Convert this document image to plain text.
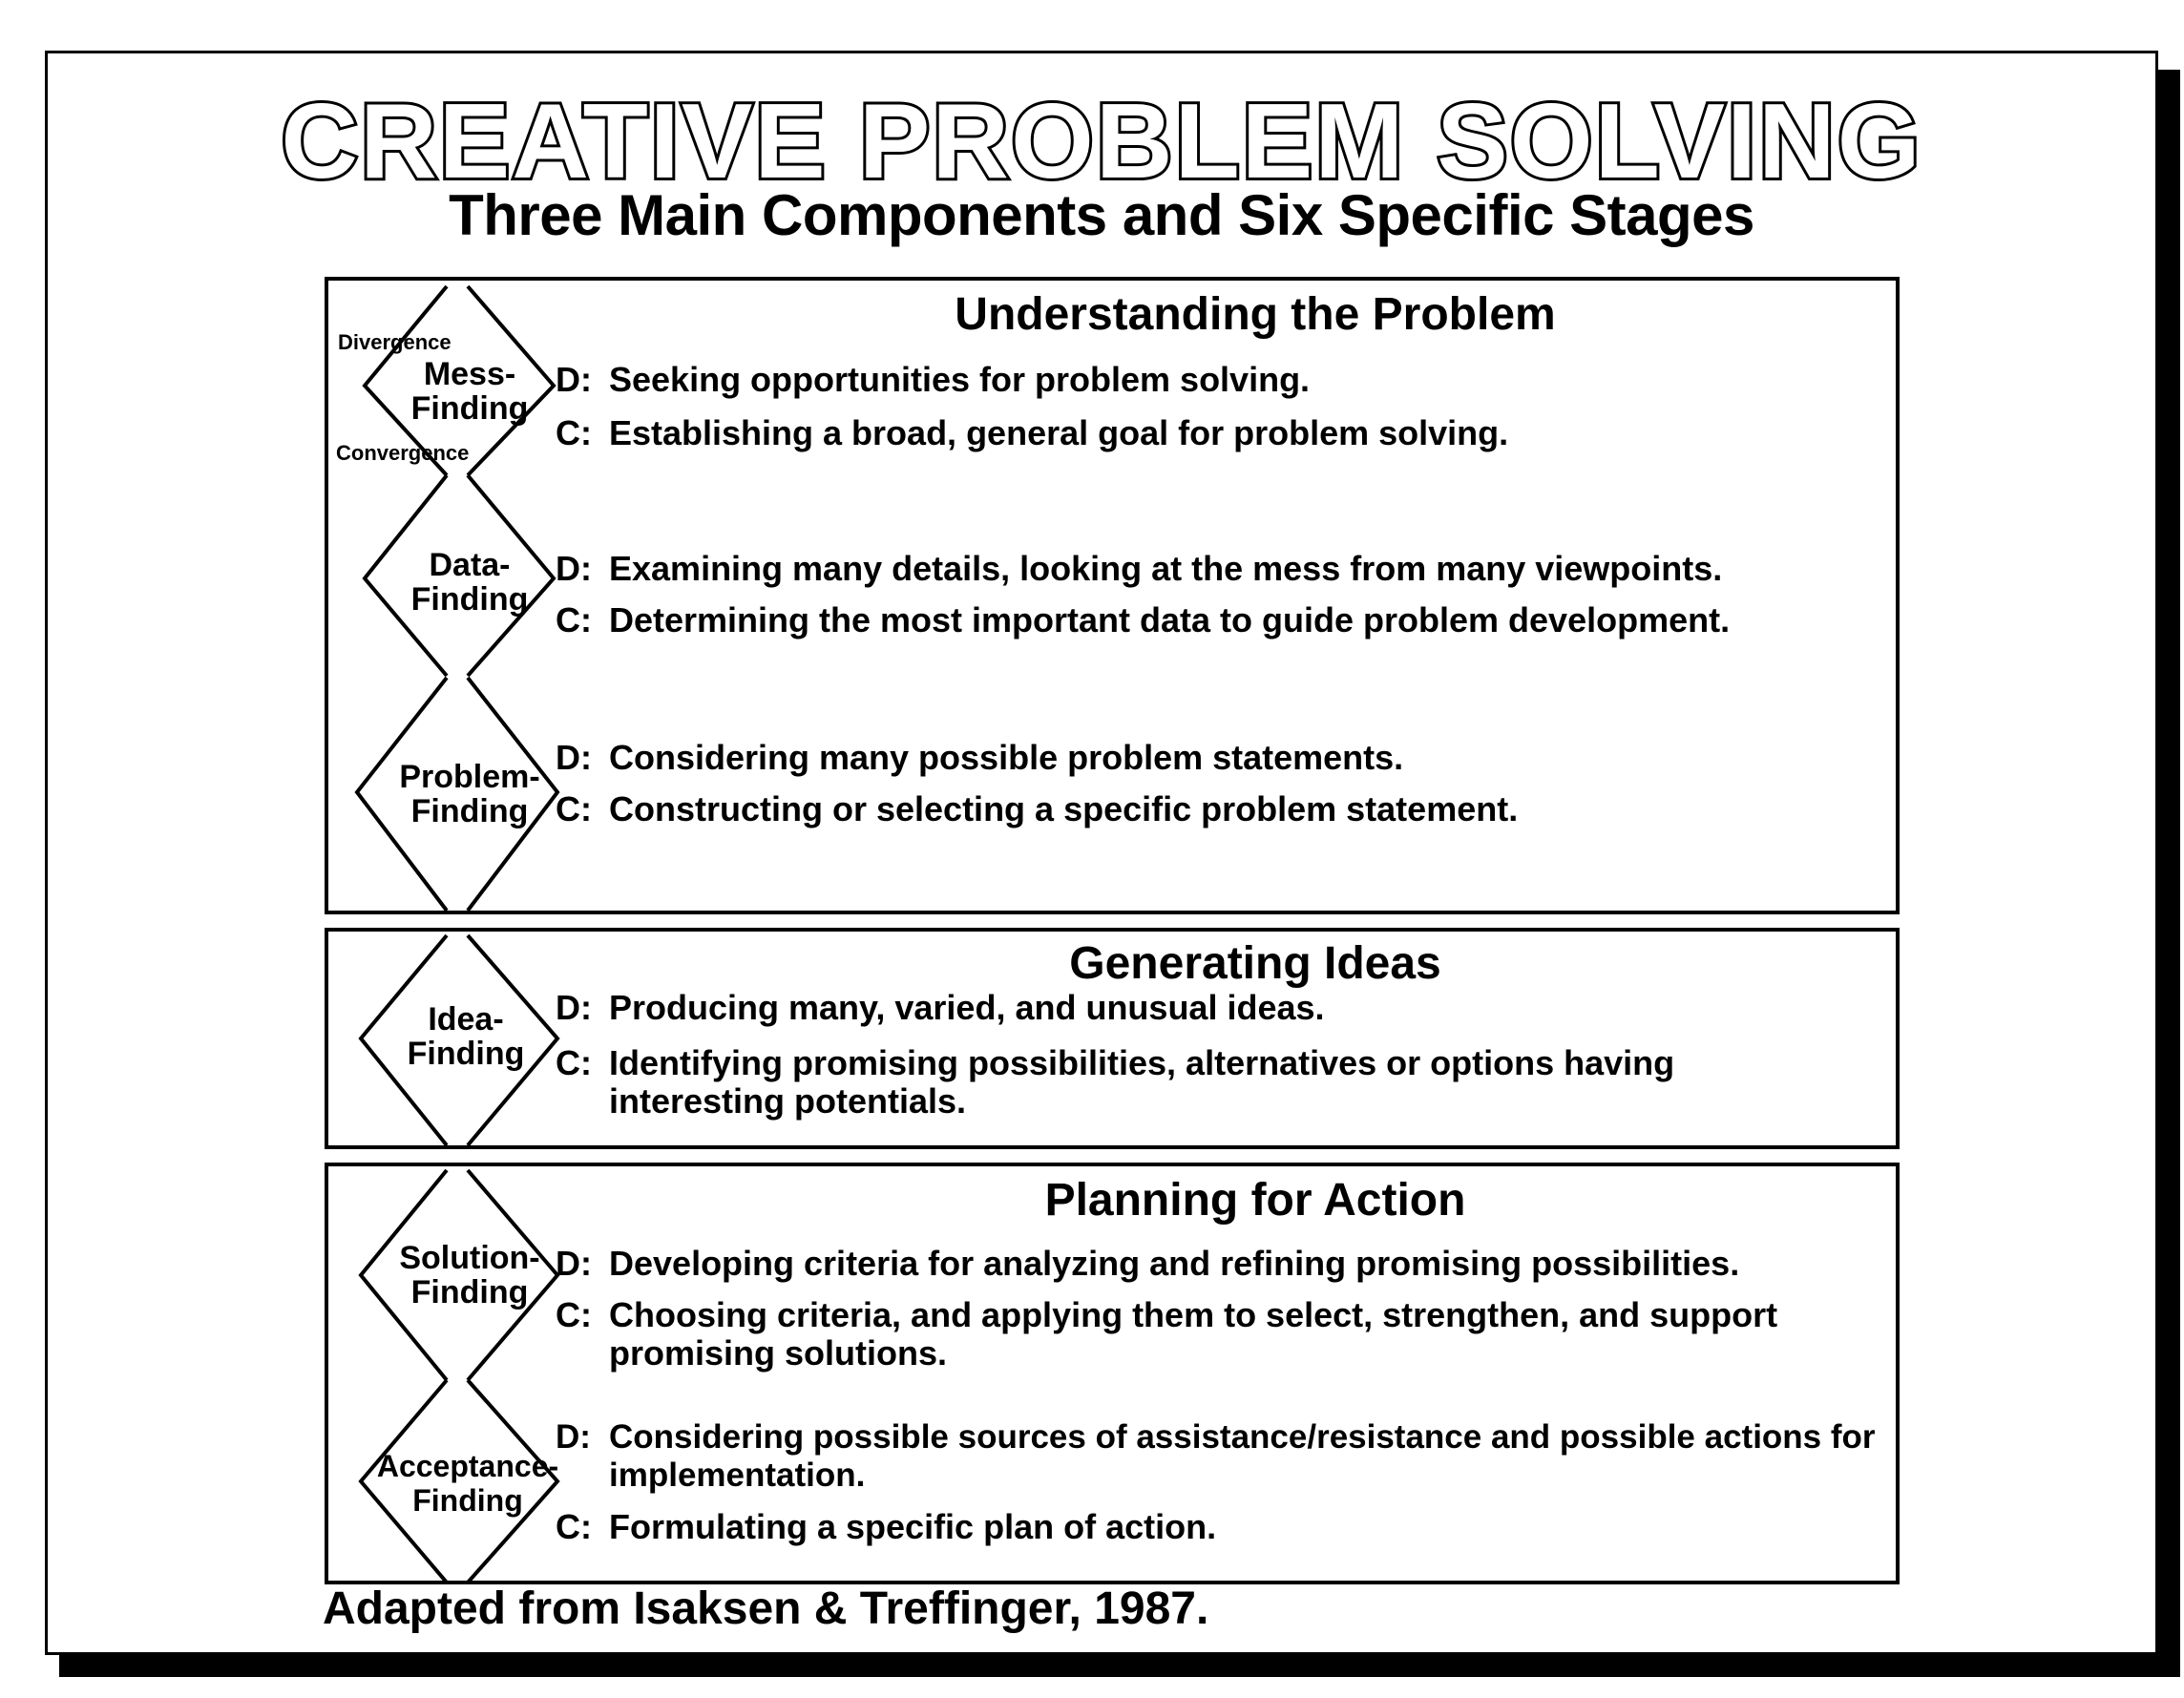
CREATIVE PROBLEM SOLVING
Three Main Components and Six Specific Stages
Understanding the Problem
Divergence
Convergence
Mess-
Finding
D: Seeking opportunities for problem solving.
C: Establishing a broad, general goal for problem solving.
Data-
Finding
D: Examining many details, looking at the mess from many viewpoints.
C: Determining the most important data to guide problem development.
Problem-
Finding
D: Considering many possible problem statements.
C: Constructing or selecting a specific problem statement.
Generating Ideas
Idea-
Finding
D: Producing many, varied, and unusual ideas.
C: Identifying promising possibilities, alternatives or options having
interesting potentials.
Planning for Action
Solution-
Finding
D: Developing criteria for analyzing and refining promising possibilities.
C: Choosing criteria, and applying them to select, strengthen, and support
promising solutions.
Acceptance-
Finding
D: Considering possible sources of assistance/resistance and possible actions for
implementation.
C: Formulating a specific plan of action.
Adapted from Isaksen & Treffinger, 1987.
